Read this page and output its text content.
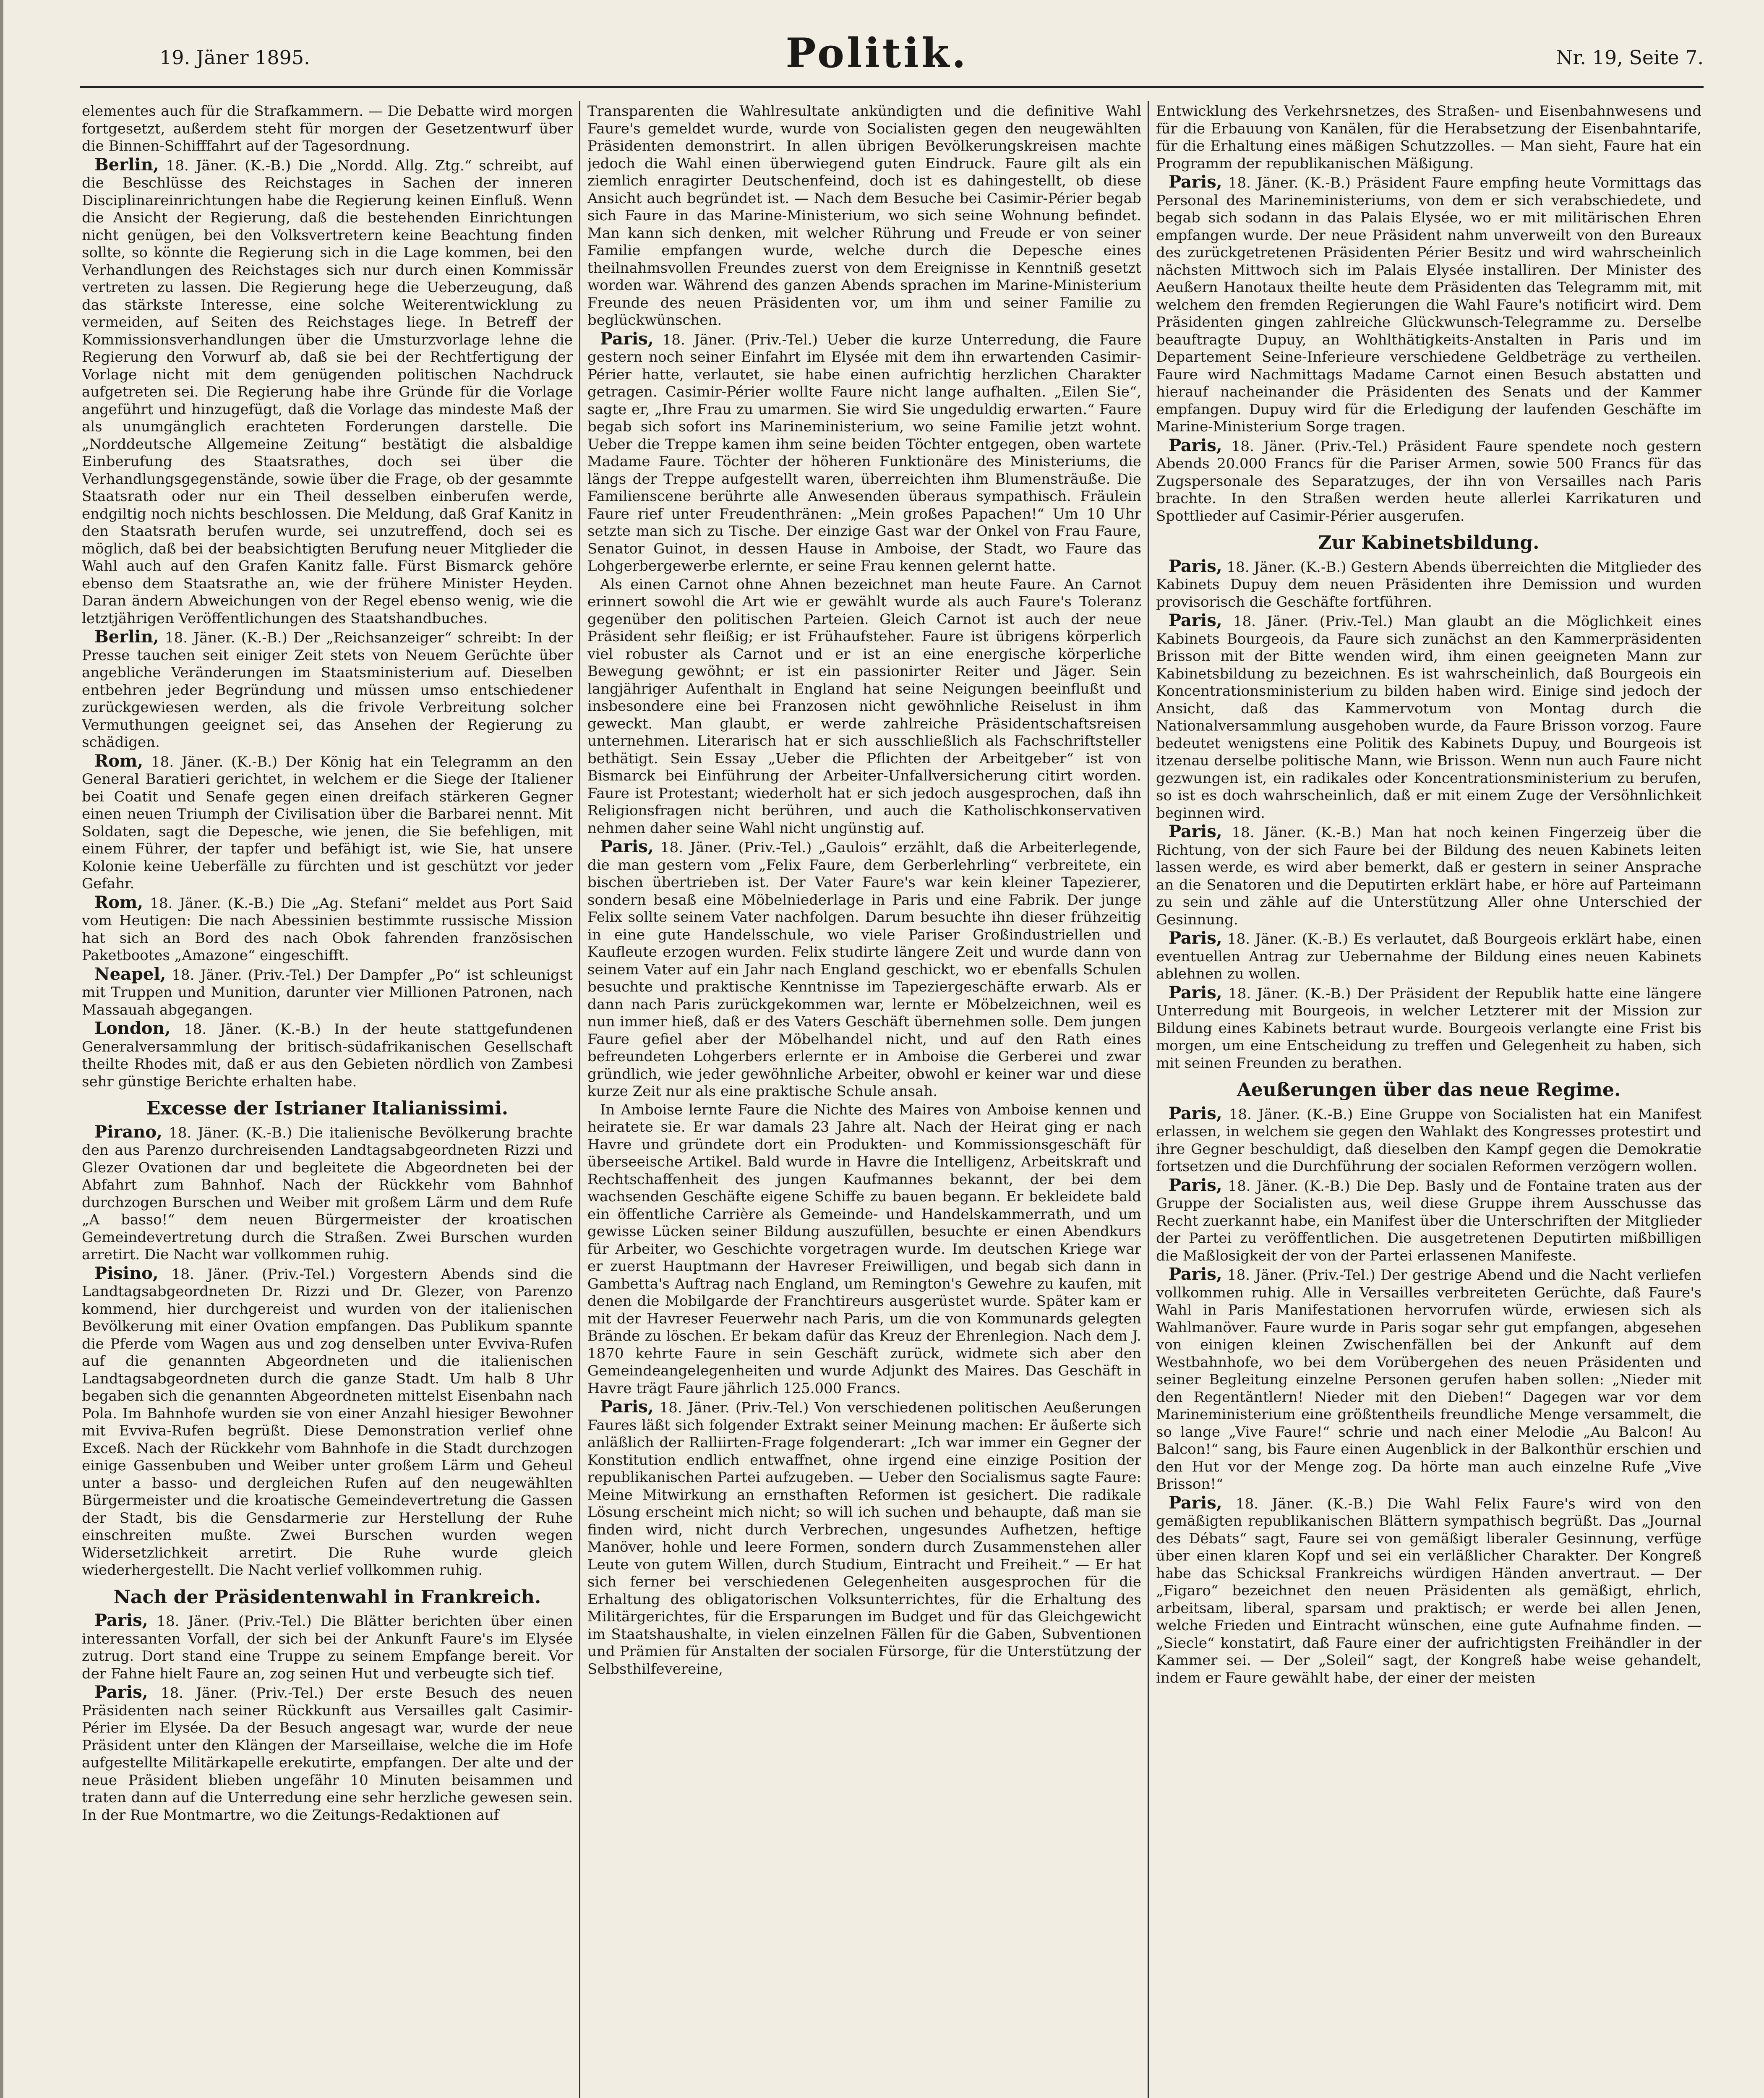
19. Jäner 1895.	Politik.	Nr. 19, Seite 7.

elementes auch für die Strafkammern. — Die Debatte wird morgen fortgesetzt, außerdem steht für morgen der Gesetzentwurf über die Binnen-Schifffahrt auf der Tagesordnung.

Berlin, 18. Jäner. (K.-B.) Die „Nordd. Allg. Ztg.“ schreibt, auf die Beschlüsse des Reichstages in Sachen der inneren Disciplinareinrichtungen habe die Regierung keinen Einfluß. Wenn die Ansicht der Regierung, daß die bestehenden Einrichtungen nicht genügen, bei den Volksvertretern keine Beachtung finden sollte, so könnte die Regierung sich in die Lage kommen, bei den Verhandlungen des Reichstages sich nur durch einen Kommissär vertreten zu lassen. Die Regierung hege die Ueberzeugung, daß das stärkste Interesse, eine solche Weiterentwicklung zu vermeiden, auf Seiten des Reichstages liege. In Betreff der Kommissionsverhandlungen über die Umsturzvorlage lehne die Regierung den Vorwurf ab, daß sie bei der Rechtfertigung der Vorlage nicht mit dem genügenden politischen Nachdruck aufgetreten sei. Die Regierung habe ihre Gründe für die Vorlage angeführt und hinzugefügt, daß die Vorlage das mindeste Maß der als unumgänglich erachteten Forderungen darstelle. Die „Norddeutsche Allgemeine Zeitung“ bestätigt die alsbaldige Einberufung des Staatsrathes, doch sei über die Verhandlungsgegenstände, sowie über die Frage, ob der gesammte Staatsrath oder nur ein Theil desselben einberufen werde, endgiltig noch nichts beschlossen. Die Meldung, daß Graf Kanitz in den Staatsrath berufen wurde, sei unzutreffend, doch sei es möglich, daß bei der beabsichtigten Berufung neuer Mitglieder die Wahl auch auf den Grafen Kanitz falle. Fürst Bismarck gehöre ebenso dem Staatsrathe an, wie der frühere Minister Heyden. Daran ändern Abweichungen von der Regel ebenso wenig, wie die letztjährigen Veröffentlichungen des Staatshandbuches.

Berlin, 18. Jäner. (K.-B.) Der „Reichsanzeiger“ schreibt: In der Presse tauchen seit einiger Zeit stets von Neuem Gerüchte über angebliche Veränderungen im Staatsministerium auf. Dieselben entbehren jeder Begründung und müssen umso entschiedener zurückgewiesen werden, als die frivole Verbreitung solcher Vermuthungen geeignet sei, das Ansehen der Regierung zu schädigen.

Rom, 18. Jäner. (K.-B.) Der König hat ein Telegramm an den General Baratieri gerichtet, in welchem er die Siege der Italiener bei Coatit und Senafe gegen einen dreifach stärkeren Gegner einen neuen Triumph der Civilisation über die Barbarei nennt. Mit Soldaten, sagt die Depesche, wie jenen, die Sie befehligen, mit einem Führer, der tapfer und befähigt ist, wie Sie, hat unsere Kolonie keine Ueberfälle zu fürchten und ist geschützt vor jeder Gefahr.

Rom, 18. Jäner. (K.-B.) Die „Ag. Stefani“ meldet aus Port Said vom Heutigen: Die nach Abessinien bestimmte russische Mission hat sich an Bord des nach Obok fahrenden französischen Paketbootes „Amazone“ eingeschifft.

Neapel, 18. Jäner. (Priv.-Tel.) Der Dampfer „Po“ ist schleunigst mit Truppen und Munition, darunter vier Millionen Patronen, nach Massauah abgegangen.

London, 18. Jäner. (K.-B.) In der heute stattgefundenen Generalversammlung der britisch-südafrikanischen Gesellschaft theilte Rhodes mit, daß er aus den Gebieten nördlich von Zambesi sehr günstige Berichte erhalten habe.

Excesse der Istrianer Italianissimi.

Pirano, 18. Jäner. (K.-B.) Die italienische Bevölkerung brachte den aus Parenzo durchreisenden Landtagsabgeordneten Rizzi und Glezer Ovationen dar und begleitete die Abgeordneten bei der Abfahrt zum Bahnhof. Nach der Rückkehr vom Bahnhof durchzogen Burschen und Weiber mit großem Lärm und dem Rufe „A basso!“ dem neuen Bürgermeister der kroatischen Gemeindevertretung durch die Straßen. Zwei Burschen wurden arretirt. Die Nacht war vollkommen ruhig.

Pisino, 18. Jäner. (Priv.-Tel.) Vorgestern Abends sind die Landtagsabgeordneten Dr. Rizzi und Dr. Glezer, von Parenzo kommend, hier durchgereist und wurden von der italienischen Bevölkerung mit einer Ovation empfangen. Das Publikum spannte die Pferde vom Wagen aus und zog denselben unter Evviva-Rufen auf die genannten Abgeordneten und die italienischen Landtagsabgeordneten durch die ganze Stadt. Um halb 8 Uhr begaben sich die genannten Abgeordneten mittelst Eisenbahn nach Pola. Im Bahnhofe wurden sie von einer Anzahl hiesiger Bewohner mit Evviva-Rufen begrüßt. Diese Demonstration verlief ohne Exceß. Nach der Rückkehr vom Bahnhofe in die Stadt durchzogen einige Gassenbuben und Weiber unter großem Lärm und Geheul unter a basso- und dergleichen Rufen auf den neugewählten Bürgermeister und die kroatische Gemeindevertretung die Gassen der Stadt, bis die Gensdarmerie zur Herstellung der Ruhe einschreiten mußte. Zwei Burschen wurden wegen Widersetzlichkeit arretirt. Die Ruhe wurde gleich wiederhergestellt. Die Nacht verlief vollkommen ruhig.

Nach der Präsidentenwahl in Frankreich.

Paris, 18. Jäner. (Priv.-Tel.) Die Blätter berichten über einen interessanten Vorfall, der sich bei der Ankunft Faure's im Elysée zutrug. Dort stand eine Truppe zu seinem Empfange bereit. Vor der Fahne hielt Faure an, zog seinen Hut und verbeugte sich tief.

Paris, 18. Jäner. (Priv.-Tel.) Der erste Besuch des neuen Präsidenten nach seiner Rückkunft aus Versailles galt Casimir-Périer im Elysée. Da der Besuch angesagt war, wurde der neue Präsident unter den Klängen der Marseillaise, welche die im Hofe aufgestellte Militärkapelle erekutirte, empfangen. Der alte und der neue Präsident blieben ungefähr 10 Minuten beisammen und traten dann auf die Unterredung eine sehr herzliche gewesen sein. In der Rue Montmartre, wo die Zeitungs-Redaktionen auf

Transparenten die Wahlresultate ankündigten und die definitive Wahl Faure's gemeldet wurde, wurde von Socialisten gegen den neugewählten Präsidenten demonstrirt. In allen übrigen Bevölkerungskreisen machte jedoch die Wahl einen überwiegend guten Eindruck. Faure gilt als ein ziemlich enragirter Deutschenfeind, doch ist es dahingestellt, ob diese Ansicht auch begründet ist. — Nach dem Besuche bei Casimir-Périer begab sich Faure in das Marine-Ministerium, wo sich seine Wohnung befindet. Man kann sich denken, mit welcher Rührung und Freude er von seiner Familie empfangen wurde, welche durch die Depesche eines theilnahmsvollen Freundes zuerst von dem Ereignisse in Kenntniß gesetzt worden war. Während des ganzen Abends sprachen im Marine-Ministerium Freunde des neuen Präsidenten vor, um ihm und seiner Familie zu beglückwünschen.

Paris, 18. Jäner. (Priv.-Tel.) Ueber die kurze Unterredung, die Faure gestern noch seiner Einfahrt im Elysée mit dem ihn erwartenden Casimir-Périer hatte, verlautet, sie habe einen aufrichtig herzlichen Charakter getragen. Casimir-Périer wollte Faure nicht lange aufhalten. „Eilen Sie“, sagte er, „Ihre Frau zu umarmen. Sie wird Sie ungeduldig erwarten.“ Faure begab sich sofort ins Marineministerium, wo seine Familie jetzt wohnt. Ueber die Treppe kamen ihm seine beiden Töchter entgegen, oben wartete Madame Faure. Töchter der höheren Funktionäre des Ministeriums, die längs der Treppe aufgestellt waren, überreichten ihm Blumensträuße. Die Familienscene berührte alle Anwesenden überaus sympathisch. Fräulein Faure rief unter Freudenthränen: „Mein großes Papachen!“ Um 10 Uhr setzte man sich zu Tische. Der einzige Gast war der Onkel von Frau Faure, Senator Guinot, in dessen Hause in Amboise, der Stadt, wo Faure das Lohgerbergewerbe erlernte, er seine Frau kennen gelernt hatte.

Als einen Carnot ohne Ahnen bezeichnet man heute Faure. An Carnot erinnert sowohl die Art wie er gewählt wurde als auch Faure's Toleranz gegenüber den politischen Parteien. Gleich Carnot ist auch der neue Präsident sehr fleißig; er ist Frühaufsteher. Faure ist übrigens körperlich viel robuster als Carnot und er ist an eine energische körperliche Bewegung gewöhnt; er ist ein passionirter Reiter und Jäger. Sein langjähriger Aufenthalt in England hat seine Neigungen beeinflußt und insbesondere eine bei Franzosen nicht gewöhnliche Reiselust in ihm geweckt. Man glaubt, er werde zahlreiche Präsidentschaftsreisen unternehmen. Literarisch hat er sich ausschließlich als Fachschriftsteller bethätigt. Sein Essay „Ueber die Pflichten der Arbeitgeber“ ist von Bismarck bei Einführung der Arbeiter-Unfallversicherung citirt worden. Faure ist Protestant; wiederholt hat er sich jedoch ausgesprochen, daß ihn Religionsfragen nicht berühren, und auch die Katholischkonservativen nehmen daher seine Wahl nicht ungünstig auf.

Paris, 18. Jäner. (Priv.-Tel.) „Gaulois“ erzählt, daß die Arbeiterlegende, die man gestern vom „Felix Faure, dem Gerberlehrling“ verbreitete, ein bischen übertrieben ist. Der Vater Faure's war kein kleiner Tapezierer, sondern besaß eine Möbelniederlage in Paris und eine Fabrik. Der junge Felix sollte seinem Vater nachfolgen. Darum besuchte ihn dieser frühzeitig in eine gute Handelsschule, wo viele Pariser Großindustriellen und Kaufleute erzogen wurden. Felix studirte längere Zeit und wurde dann von seinem Vater auf ein Jahr nach England geschickt, wo er ebenfalls Schulen besuchte und praktische Kenntnisse im Tapeziergeschäfte erwarb. Als er dann nach Paris zurückgekommen war, lernte er Möbelzeichnen, weil es nun immer hieß, daß er des Vaters Geschäft übernehmen solle. Dem jungen Faure gefiel aber der Möbelhandel nicht, und auf den Rath eines befreundeten Lohgerbers erlernte er in Amboise die Gerberei und zwar gründlich, wie jeder gewöhnliche Arbeiter, obwohl er keiner war und diese kurze Zeit nur als eine praktische Schule ansah.

In Amboise lernte Faure die Nichte des Maires von Amboise kennen und heiratete sie. Er war damals 23 Jahre alt. Nach der Heirat ging er nach Havre und gründete dort ein Produkten- und Kommissionsgeschäft für überseeische Artikel. Bald wurde in Havre die Intelligenz, Arbeitskraft und Rechtschaffenheit des jungen Kaufmannes bekannt, der bei dem wachsenden Geschäfte eigene Schiffe zu bauen begann. Er bekleidete bald ein öffentliche Carrière als Gemeinde- und Handelskammerrath, und um gewisse Lücken seiner Bildung auszufüllen, besuchte er einen Abendkurs für Arbeiter, wo Geschichte vorgetragen wurde. Im deutschen Kriege war er zuerst Hauptmann der Havreser Freiwilligen, und begab sich dann in Gambetta's Auftrag nach England, um Remington's Gewehre zu kaufen, mit denen die Mobilgarde der Franchtireurs ausgerüstet wurde. Später kam er mit der Havreser Feuerwehr nach Paris, um die von Kommunards gelegten Brände zu löschen. Er bekam dafür das Kreuz der Ehrenlegion. Nach dem J. 1870 kehrte Faure in sein Geschäft zurück, widmete sich aber den Gemeindeangelegenheiten und wurde Adjunkt des Maires. Das Geschäft in Havre trägt Faure jährlich 125.000 Francs.

Paris, 18. Jäner. (Priv.-Tel.) Von verschiedenen politischen Aeußerungen Faures läßt sich folgender Extrakt seiner Meinung machen: Er äußerte sich anläßlich der Ralliirten-Frage folgenderart: „Ich war immer ein Gegner der Konstitution endlich entwaffnet, ohne irgend eine einzige Position der republikanischen Partei aufzugeben. — Ueber den Socialismus sagte Faure: Meine Mitwirkung an ernsthaften Reformen ist gesichert. Die radikale Lösung erscheint mich nicht; so will ich suchen und behaupte, daß man sie finden wird, nicht durch Verbrechen, ungesundes Aufhetzen, heftige Manöver, hohle und leere Formen, sondern durch Zusammenstehen aller Leute von gutem Willen, durch Studium, Eintracht und Freiheit.“ — Er hat sich ferner bei verschiedenen Gelegenheiten ausgesprochen für die Erhaltung des obligatorischen Volksunterrichtes, für die Erhaltung des Militärgerichtes, für die Ersparungen im Budget und für das Gleichgewicht im Staatshaushalte, in vielen einzelnen Fällen für die Gaben, Subventionen und Prämien für Anstalten der socialen Fürsorge, für die Unterstützung der Selbsthilfevereine,

Entwicklung des Verkehrsnetzes, des Straßen- und Eisenbahnwesens und für die Erbauung von Kanälen, für die Herabsetzung der Eisenbahntarife, für die Erhaltung eines mäßigen Schutzzolles. — Man sieht, Faure hat ein Programm der republikanischen Mäßigung.

Paris, 18. Jäner. (K.-B.) Präsident Faure empfing heute Vormittags das Personal des Marineministeriums, von dem er sich verabschiedete, und begab sich sodann in das Palais Elysée, wo er mit militärischen Ehren empfangen wurde. Der neue Präsident nahm unverweilt von den Bureaux des zurückgetretenen Präsidenten Périer Besitz und wird wahrscheinlich nächsten Mittwoch sich im Palais Elysée installiren. Der Minister des Aeußern Hanotaux theilte heute dem Präsidenten das Telegramm mit, mit welchem den fremden Regierungen die Wahl Faure's notificirt wird. Dem Präsidenten gingen zahlreiche Glückwunsch-Telegramme zu. Derselbe beauftragte Dupuy, an Wohlthätigkeits-Anstalten in Paris und im Departement Seine-Inferieure verschiedene Geldbeträge zu vertheilen. Faure wird Nachmittags Madame Carnot einen Besuch abstatten und hierauf nacheinander die Präsidenten des Senats und der Kammer empfangen. Dupuy wird für die Erledigung der laufenden Geschäfte im Marine-Ministerium Sorge tragen.

Paris, 18. Jäner. (Priv.-Tel.) Präsident Faure spendete noch gestern Abends 20.000 Francs für die Pariser Armen, sowie 500 Francs für das Zugspersonale des Separatzuges, der ihn von Versailles nach Paris brachte. In den Straßen werden heute allerlei Karrikaturen und Spottlieder auf Casimir-Périer ausgerufen.

Zur Kabinetsbildung.

Paris, 18. Jäner. (K.-B.) Gestern Abends überreichten die Mitglieder des Kabinets Dupuy dem neuen Präsidenten ihre Demission und wurden provisorisch die Geschäfte fortführen.

Paris, 18. Jäner. (Priv.-Tel.) Man glaubt an die Möglichkeit eines Kabinets Bourgeois, da Faure sich zunächst an den Kammerpräsidenten Brisson mit der Bitte wenden wird, ihm einen geeigneten Mann zur Kabinetsbildung zu bezeichnen. Es ist wahrscheinlich, daß Bourgeois ein Koncentrationsministerium zu bilden haben wird. Einige sind jedoch der Ansicht, daß das Kammervotum von Montag durch die Nationalversammlung ausgehoben wurde, da Faure Brisson vorzog. Faure bedeutet wenigstens eine Politik des Kabinets Dupuy, und Bourgeois ist itzenau derselbe politische Mann, wie Brisson. Wenn nun auch Faure nicht gezwungen ist, ein radikales oder Koncentrationsministerium zu berufen, so ist es doch wahrscheinlich, daß er mit einem Zuge der Versöhnlichkeit beginnen wird.

Paris, 18. Jäner. (K.-B.) Man hat noch keinen Fingerzeig über die Richtung, von der sich Faure bei der Bildung des neuen Kabinets leiten lassen werde, es wird aber bemerkt, daß er gestern in seiner Ansprache an die Senatoren und die Deputirten erklärt habe, er höre auf Parteimann zu sein und zähle auf die Unterstützung Aller ohne Unterschied der Gesinnung.

Paris, 18. Jäner. (K.-B.) Es verlautet, daß Bourgeois erklärt habe, einen eventuellen Antrag zur Uebernahme der Bildung eines neuen Kabinets ablehnen zu wollen.

Paris, 18. Jäner. (K.-B.) Der Präsident der Republik hatte eine längere Unterredung mit Bourgeois, in welcher Letzterer mit der Mission zur Bildung eines Kabinets betraut wurde. Bourgeois verlangte eine Frist bis morgen, um eine Entscheidung zu treffen und Gelegenheit zu haben, sich mit seinen Freunden zu berathen.

Aeußerungen über das neue Regime.

Paris, 18. Jäner. (K.-B.) Eine Gruppe von Socialisten hat ein Manifest erlassen, in welchem sie gegen den Wahlakt des Kongresses protestirt und ihre Gegner beschuldigt, daß dieselben den Kampf gegen die Demokratie fortsetzen und die Durchführung der socialen Reformen verzögern wollen.

Paris, 18. Jäner. (K.-B.) Die Dep. Basly und de Fontaine traten aus der Gruppe der Socialisten aus, weil diese Gruppe ihrem Ausschusse das Recht zuerkannt habe, ein Manifest über die Unterschriften der Mitglieder der Partei zu veröffentlichen. Die ausgetretenen Deputirten mißbilligen die Maßlosigkeit der von der Partei erlassenen Manifeste.

Paris, 18. Jäner. (Priv.-Tel.) Der gestrige Abend und die Nacht verliefen vollkommen ruhig. Alle in Versailles verbreiteten Gerüchte, daß Faure's Wahl in Paris Manifestationen hervorrufen würde, erwiesen sich als Wahlmanöver. Faure wurde in Paris sogar sehr gut empfangen, abgesehen von einigen kleinen Zwischenfällen bei der Ankunft auf dem Westbahnhofe, wo bei dem Vorübergehen des neuen Präsidenten und seiner Begleitung einzelne Personen gerufen haben sollen: „Nieder mit den Regentäntlern! Nieder mit den Dieben!“ Dagegen war vor dem Marineministerium eine größtentheils freundliche Menge versammelt, die so lange „Vive Faure!“ schrie und nach einer Melodie „Au Balcon! Au Balcon!“ sang, bis Faure einen Augenblick in der Balkonthür erschien und den Hut vor der Menge zog. Da hörte man auch einzelne Rufe „Vive Brisson!“

Paris, 18. Jäner. (K.-B.) Die Wahl Felix Faure's wird von den gemäßigten republikanischen Blättern sympathisch begrüßt. Das „Journal des Débats“ sagt, Faure sei von gemäßigt liberaler Gesinnung, verfüge über einen klaren Kopf und sei ein verläßlicher Charakter. Der Kongreß habe das Schicksal Frankreichs würdigen Händen anvertraut. — Der „Figaro“ bezeichnet den neuen Präsidenten als gemäßigt, ehrlich, arbeitsam, liberal, sparsam und praktisch; er werde bei allen Jenen, welche Frieden und Eintracht wünschen, eine gute Aufnahme finden. — „Siecle“ konstatirt, daß Faure einer der aufrichtigsten Freihändler in der Kammer sei. — Der „Soleil“ sagt, der Kongreß habe weise gehandelt, indem er Faure gewählt habe, der einer der meisten
